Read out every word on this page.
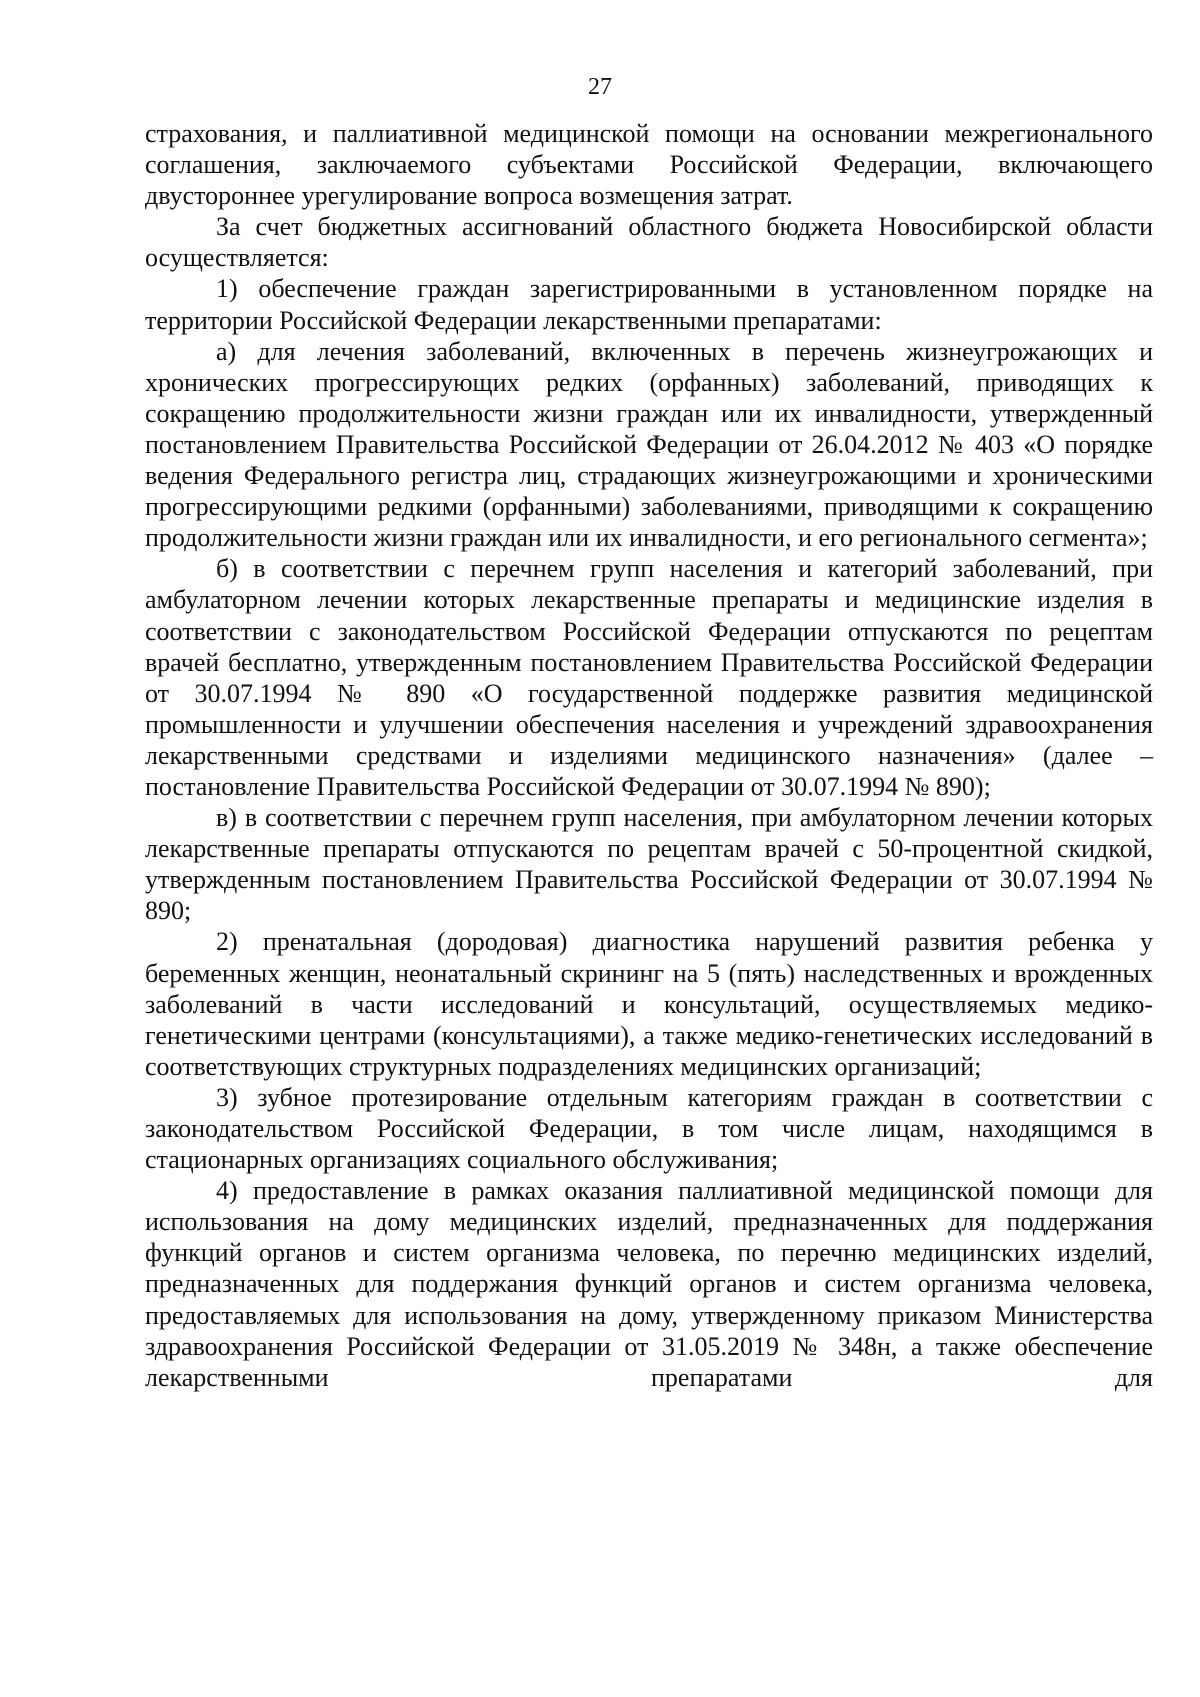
27

страхования, и паллиативной медицинской помощи на основании межрегионального соглашения, заключаемого субъектами Российской Федерации, включающего двустороннее урегулирование вопроса возмещения затрат.

За счет бюджетных ассигнований областного бюджета Новосибирской области осуществляется:

1) обеспечение граждан зарегистрированными в установленном порядке на территории Российской Федерации лекарственными препаратами:

а) для лечения заболеваний, включенных в перечень жизнеугрожающих и хронических прогрессирующих редких (орфанных) заболеваний, приводящих к сокращению продолжительности жизни граждан или их инвалидности, утвержденный постановлением Правительства Российской Федерации от 26.04.2012 № 403 «О порядке ведения Федерального регистра лиц, страдающих жизнеугрожающими и хроническими прогрессирующими редкими (орфанными) заболеваниями, приводящими к сокращению продолжительности жизни граждан или их инвалидности, и его регионального сегмента»;

б) в соответствии с перечнем групп населения и категорий заболеваний, при амбулаторном лечении которых лекарственные препараты и медицинские изделия в соответствии с законодательством Российской Федерации отпускаются по рецептам врачей бесплатно, утвержденным постановлением Правительства Российской Федерации от 30.07.1994 № 890 «О государственной поддержке развития медицинской промышленности и улучшении обеспечения населения и учреждений здравоохранения лекарственными средствами и изделиями медицинского назначения» (далее – постановление Правительства Российской Федерации от 30.07.1994 № 890);

в) в соответствии с перечнем групп населения, при амбулаторном лечении которых лекарственные препараты отпускаются по рецептам врачей с 50-процентной скидкой, утвержденным постановлением Правительства Российской Федерации от 30.07.1994 № 890;

2) пренатальная (дородовая) диагностика нарушений развития ребенка у беременных женщин, неонатальный скрининг на 5 (пять) наследственных и врожденных заболеваний в части исследований и консультаций, осуществляемых медико-генетическими центрами (консультациями), а также медико-генетических исследований в соответствующих структурных подразделениях медицинских организаций;

3) зубное протезирование отдельным категориям граждан в соответствии с законодательством Российской Федерации, в том числе лицам, находящимся в стационарных организациях социального обслуживания;

4) предоставление в рамках оказания паллиативной медицинской помощи для использования на дому медицинских изделий, предназначенных для поддержания функций органов и систем организма человека, по перечню медицинских изделий, предназначенных для поддержания функций органов и систем организма человека, предоставляемых для использования на дому, утвержденному приказом Министерства здравоохранения Российской Федерации от 31.05.2019 № 348н, а также обеспечение лекарственными препаратами для
